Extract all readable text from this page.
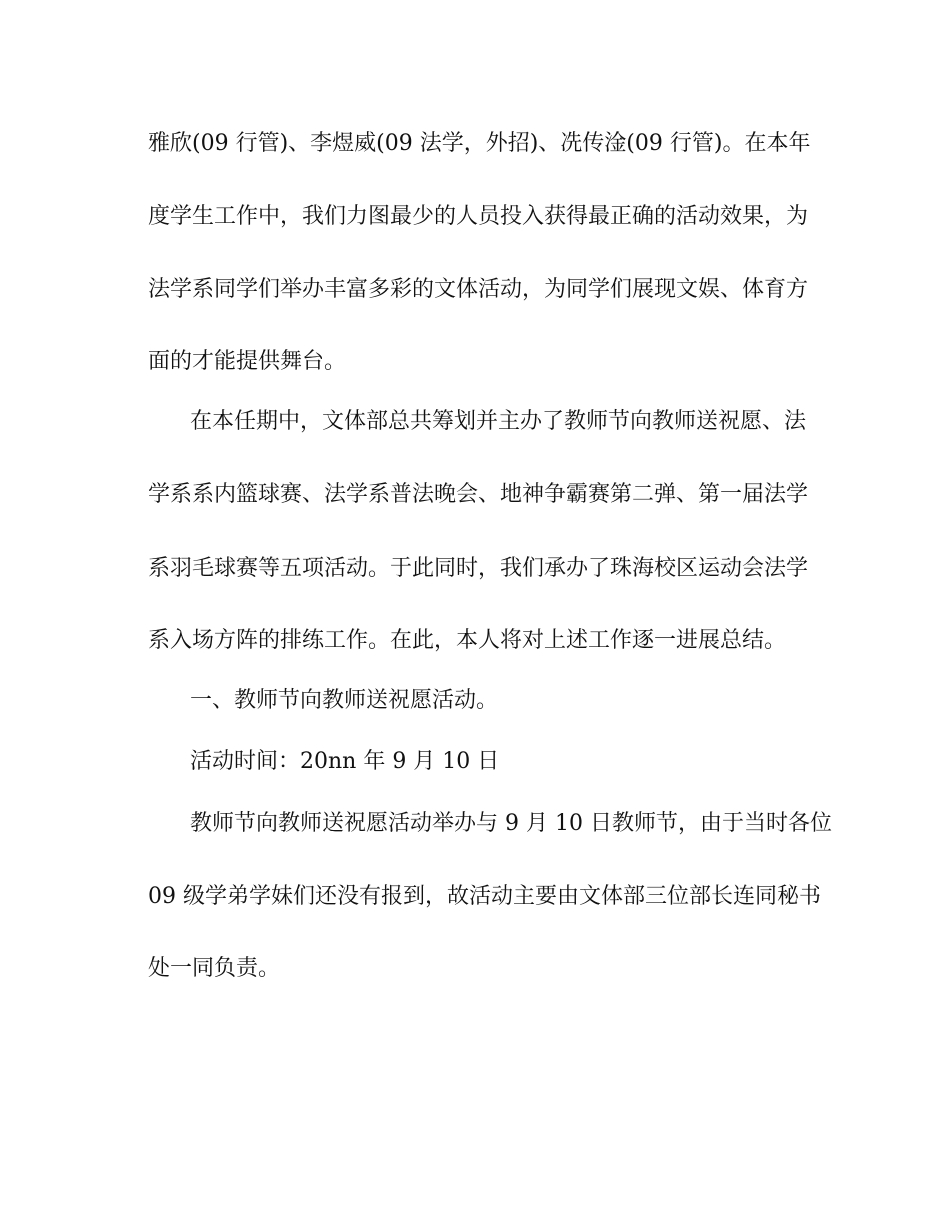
雅欣(09 行管)、李煜威(09 法学，外招)、冼传淦(09 行管)。在本年
度学生工作中，我们力图最少的人员投入获得最正确的活动效果，为
法学系同学们举办丰富多彩的文体活动，为同学们展现文娱、体育方
面的才能提供舞台。
在本任期中，文体部总共筹划并主办了教师节向教师送祝愿、法
学系系内篮球赛、法学系普法晚会、地神争霸赛第二弹、第一届法学
系羽毛球赛等五项活动。于此同时，我们承办了珠海校区运动会法学
系入场方阵的排练工作。在此，本人将对上述工作逐一进展总结。
一、教师节向教师送祝愿活动。
活动时间：20nn 年 9 月 10 日
教师节向教师送祝愿活动举办与 9 月 10 日教师节，由于当时各位
09 级学弟学妹们还没有报到，故活动主要由文体部三位部长连同秘书
处一同负责。
